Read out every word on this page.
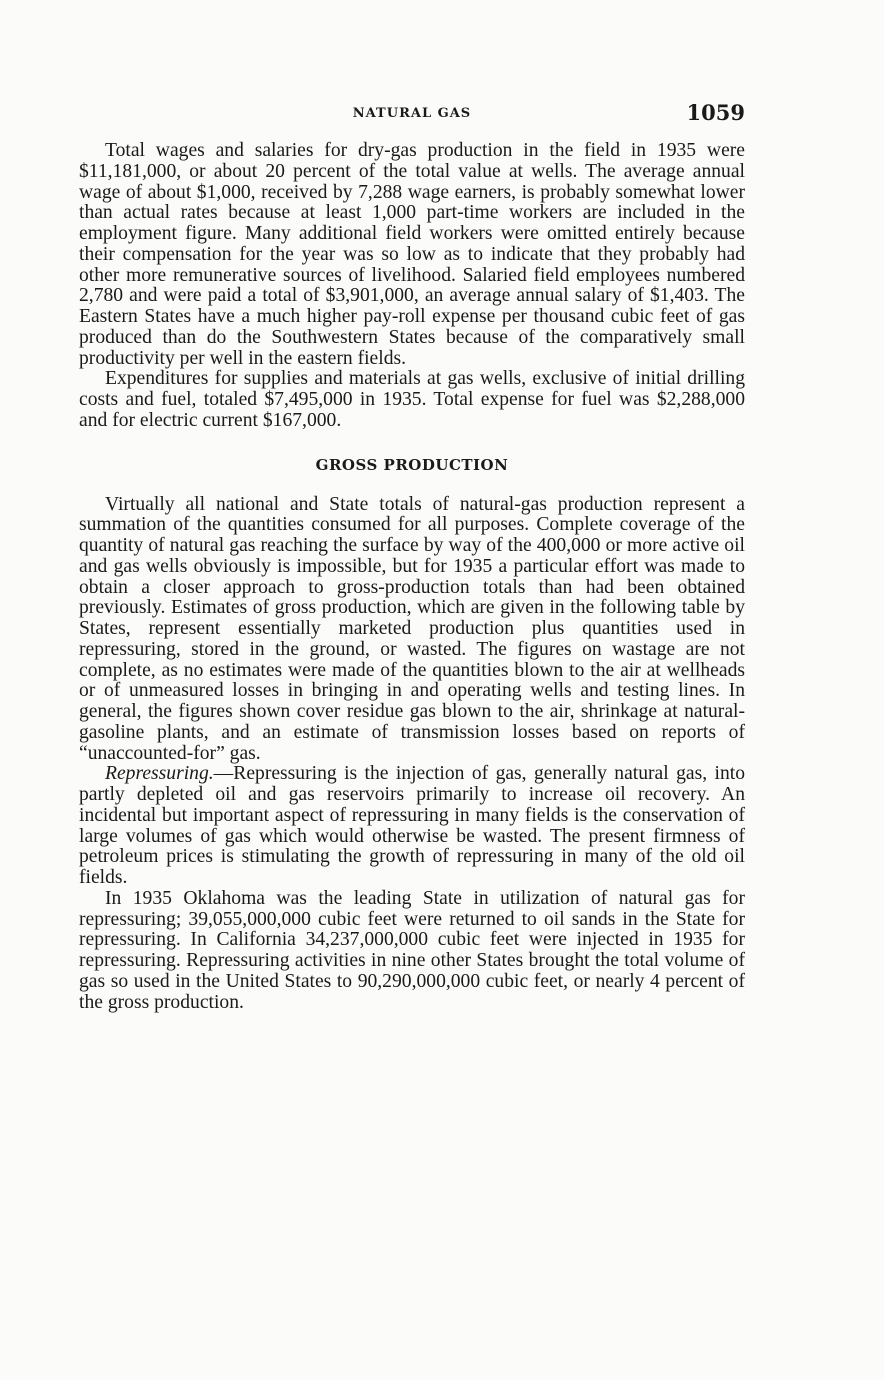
NATURAL GAS	1059

Total wages and salaries for dry-gas production in the field in 1935 were $11,181,000, or about 20 percent of the total value at wells. The average annual wage of about $1,000, received by 7,288 wage earners, is probably somewhat lower than actual rates because at least 1,000 part-time workers are included in the employment figure. Many additional field workers were omitted entirely because their compensation for the year was so low as to indicate that they probably had other more remunerative sources of livelihood. Salaried field employees numbered 2,780 and were paid a total of $3,901,000, an average annual salary of $1,403. The Eastern States have a much higher pay-roll expense per thousand cubic feet of gas produced than do the Southwestern States because of the comparatively small productivity per well in the eastern fields.

Expenditures for supplies and materials at gas wells, exclusive of initial drilling costs and fuel, totaled $7,495,000 in 1935. Total expense for fuel was $2,288,000 and for electric current $167,000.

GROSS PRODUCTION

Virtually all national and State totals of natural-gas production represent a summation of the quantities consumed for all purposes. Complete coverage of the quantity of natural gas reaching the surface by way of the 400,000 or more active oil and gas wells obviously is impossible, but for 1935 a particular effort was made to obtain a closer approach to gross-production totals than had been obtained previously. Estimates of gross production, which are given in the following table by States, represent essentially marketed production plus quantities used in repressuring, stored in the ground, or wasted. The figures on wastage are not complete, as no estimates were made of the quantities blown to the air at wellheads or of unmeasured losses in bringing in and operating wells and testing lines. In general, the figures shown cover residue gas blown to the air, shrinkage at natural-gasoline plants, and an estimate of transmission losses based on reports of “unaccounted-for” gas.

Repressuring.—Repressuring is the injection of gas, generally natural gas, into partly depleted oil and gas reservoirs primarily to increase oil recovery. An incidental but important aspect of repressuring in many fields is the conservation of large volumes of gas which would otherwise be wasted. The present firmness of petroleum prices is stimulating the growth of repressuring in many of the old oil fields.

In 1935 Oklahoma was the leading State in utilization of natural gas for repressuring; 39,055,000,000 cubic feet were returned to oil sands in the State for repressuring. In California 34,237,000,000 cubic feet were injected in 1935 for repressuring. Repressuring activities in nine other States brought the total volume of gas so used in the United States to 90,290,000,000 cubic feet, or nearly 4 percent of the gross production.
